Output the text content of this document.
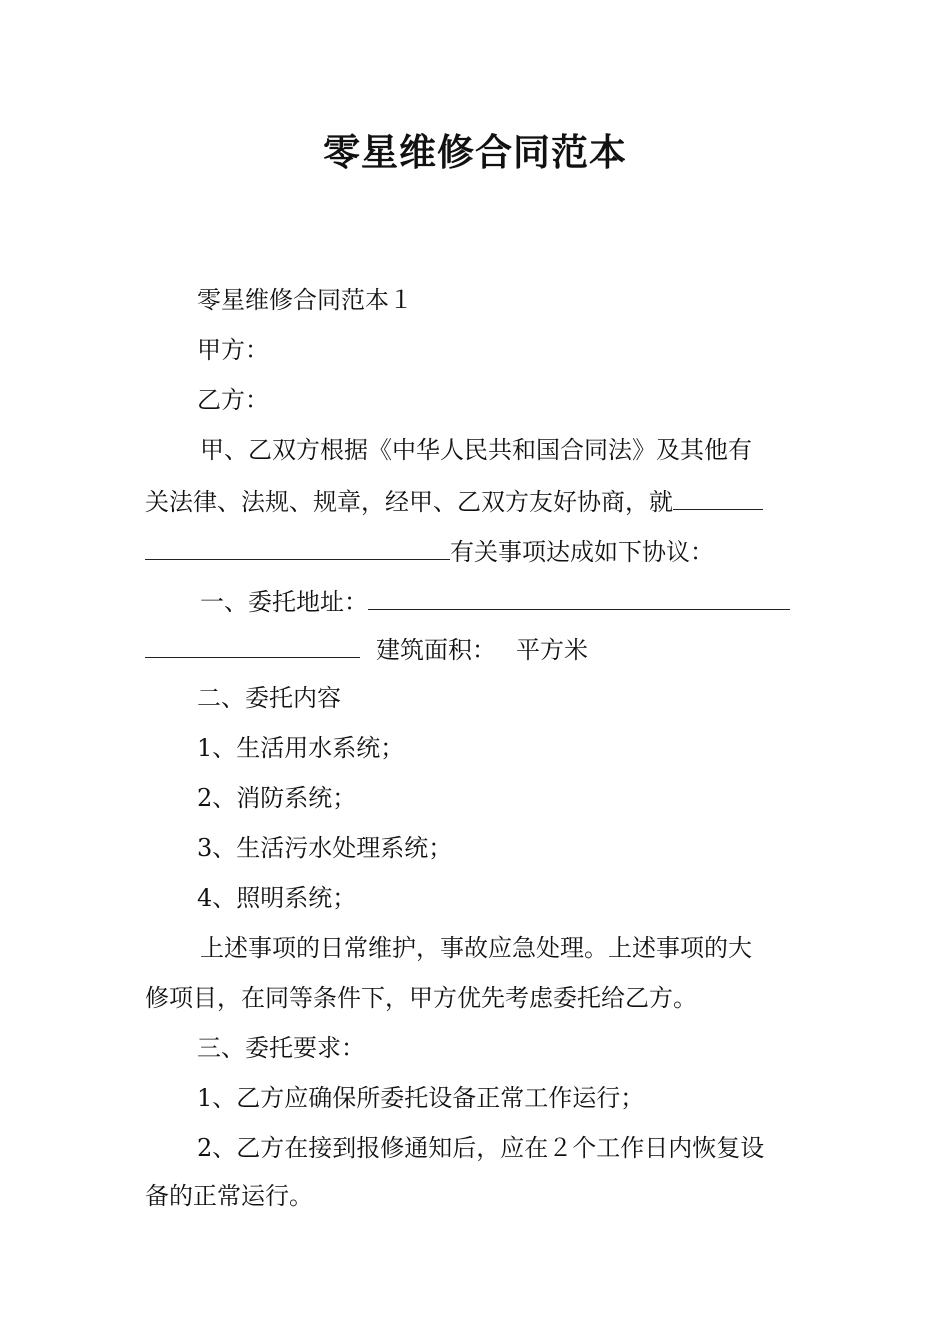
零星维修合同范本
零星维修合同范本１
甲方：
乙方：
甲、乙双方根据《中华人民共和国合同法》及其他有
关法律、法规、规章，经甲、乙双方友好协商，就
有关事项达成如下协议：
一、委托地址：
建筑面积： 平方米
二、委托内容
1、生活用水系统；
2、消防系统；
3、生活污水处理系统；
4、照明系统；
上述事项的日常维护，事故应急处理。上述事项的大
修项目，在同等条件下，甲方优先考虑委托给乙方。
三、委托要求：
1、乙方应确保所委托设备正常工作运行；
2、乙方在接到报修通知后，应在２个工作日内恢复设
备的正常运行。
